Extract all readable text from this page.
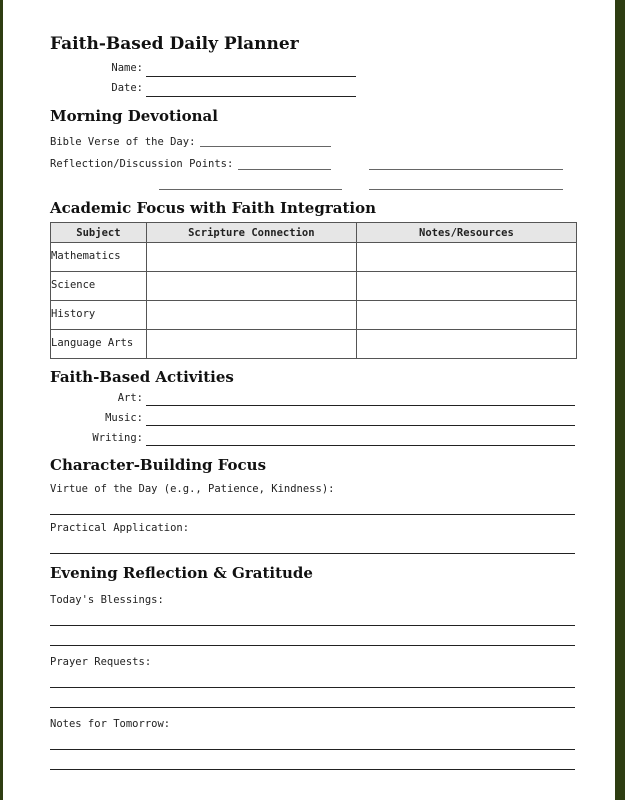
Faith-Based Daily Planner
Name:
Date:
Morning Devotional
Bible Verse of the Day:
Reflection/Discussion Points:
Academic Focus with Faith Integration
Subject	Scripture Connection	Notes/Resources
Mathematics		
Science		
History		
Language Arts		
Faith-Based Activities
Art:
Music:
Writing:
Character-Building Focus
Virtue of the Day (e.g., Patience, Kindness):
Practical Application:
Evening Reflection & Gratitude
Today's Blessings:
Prayer Requests:
Notes for Tomorrow:
